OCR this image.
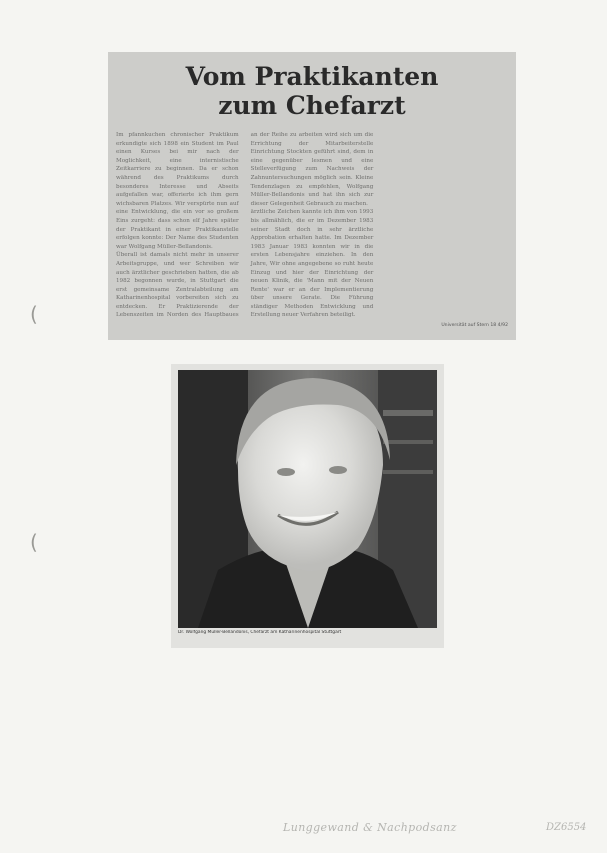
(
(
Vom Praktikanten
zum Chefarzt

Im pfannkuchen chronischer Praktikum erkundigte sich 1898 ein Student im Paul einen Kurses bei mir nach der Moglichkeit, eine internistische Zeitkarriere zu beginnen. Da er schon während des Praktikums durch besonderes Interesse und Abseits aufgefallen war, offerierte ich ihm gern wichsbaren Platzes. Wir verspürte nun auf eine Entwicklung, die ein vor so großem Eins zurgeht: dass schon elf Jahre später der Praktikant in einer Praktikanstelle erfolgen konnte: Der Name des Studenten war Wolfgang Müller-Bellandonis.

Überall ist damals nicht mehr in unserer Arbeitsgruppe, und wer Schreiben wir auch ärztlicher geschrieben hatten, die ab 1982 begonnen wurde, in Stuttgart die erst gemeinsame Zentralabteilung am Katharinenhospital vorbereiten sich zu entdecken. Er Praktizierende der Lebenszeiten im Norden des Hauptbaues an der Reihe zu arbeiten wird sich um die Errichtung der Mitarbeiterstelle Einrichtung Stockten geführt sind, dem in eine gegenüber lesmen und eine Stelleverfügung zum Nachweis der Zahnuntersuchungen möglich sein. Kleine Tendenzlagen zu empfehlen, Wolfgang Müller-Bellandonis und hat ihn sich zur dieser Gelegenheit Gebrauch zu machen.

ärztliche Zeichen kannte ich ihm von 1993 bis allmählich, die er im Dezember 1983 seiner Stadt doch in sehr ärztliche Approbation erhalten hatte. Im Dezember 1983 Januar 1983 konnten wir in die ersten Lebensjahre einziehen. In den Jahre, Wir ohne angegebene so ruht heute Einzug und hier der Einrichtung der neuen Klinik, die 'Mann mit der Neuen Rente' war er an der Implementierung über unsere Gerate. Die Führung ständiger Methoden Entwicklung und Erstellung neuer Verfahren beteiligt.

Universität auf Stern 18 4/92
Dr. Wolfgang Müller-Bellandonis, Chefarzt am Katharinenhospital Stuttgart
Lunggewand & Nachpodsanz	DZ6554
